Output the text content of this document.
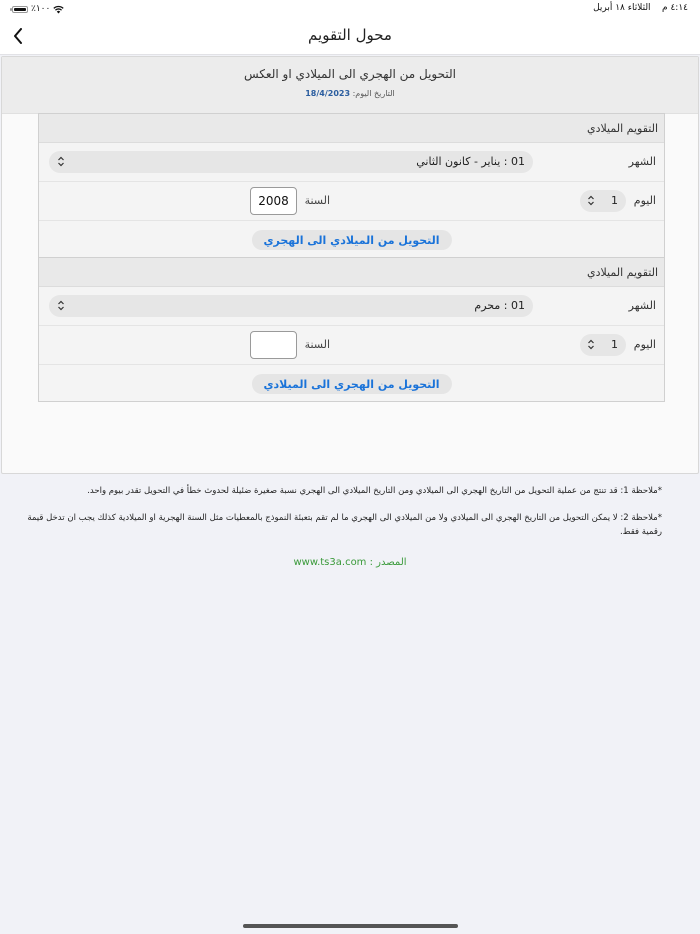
٪١٠٠	٤:١٤ م    الثلاثاء ١٨ أبريل
محول التقويم
التحويل من الهجري الى الميلادي او العكس
التاريخ اليوم: 18/4/2023
التقويم الميلادي
الشهر
01 : يناير - كانون الثاني
اليوم
1
السنة
2008
التحويل من الميلادي الى الهجري
التقويم الميلادي
الشهر
01 : محرم
اليوم
1
السنة
التحويل من الهجري الى الميلادي

*ملاحظة 1: قد تنتج من عملية التحويل من التاريخ الهجري الى الميلادي ومن التاريخ الميلادي الى الهجري نسبة صغيرة ضئيلة لحدوث خطأ في التحويل تقدر بيوم واحد.

*ملاحظة 2: لا يمكن التحويل من التاريخ الهجري الى الميلادي ولا من الميلادي الى الهجري ما لم تقم بتعبئة النموذج بالمعطيات مثل السنة الهجرية او الميلادية كذلك يجب ان تدخل قيمة رقمية فقط.

المصدر : www.ts3a.com
